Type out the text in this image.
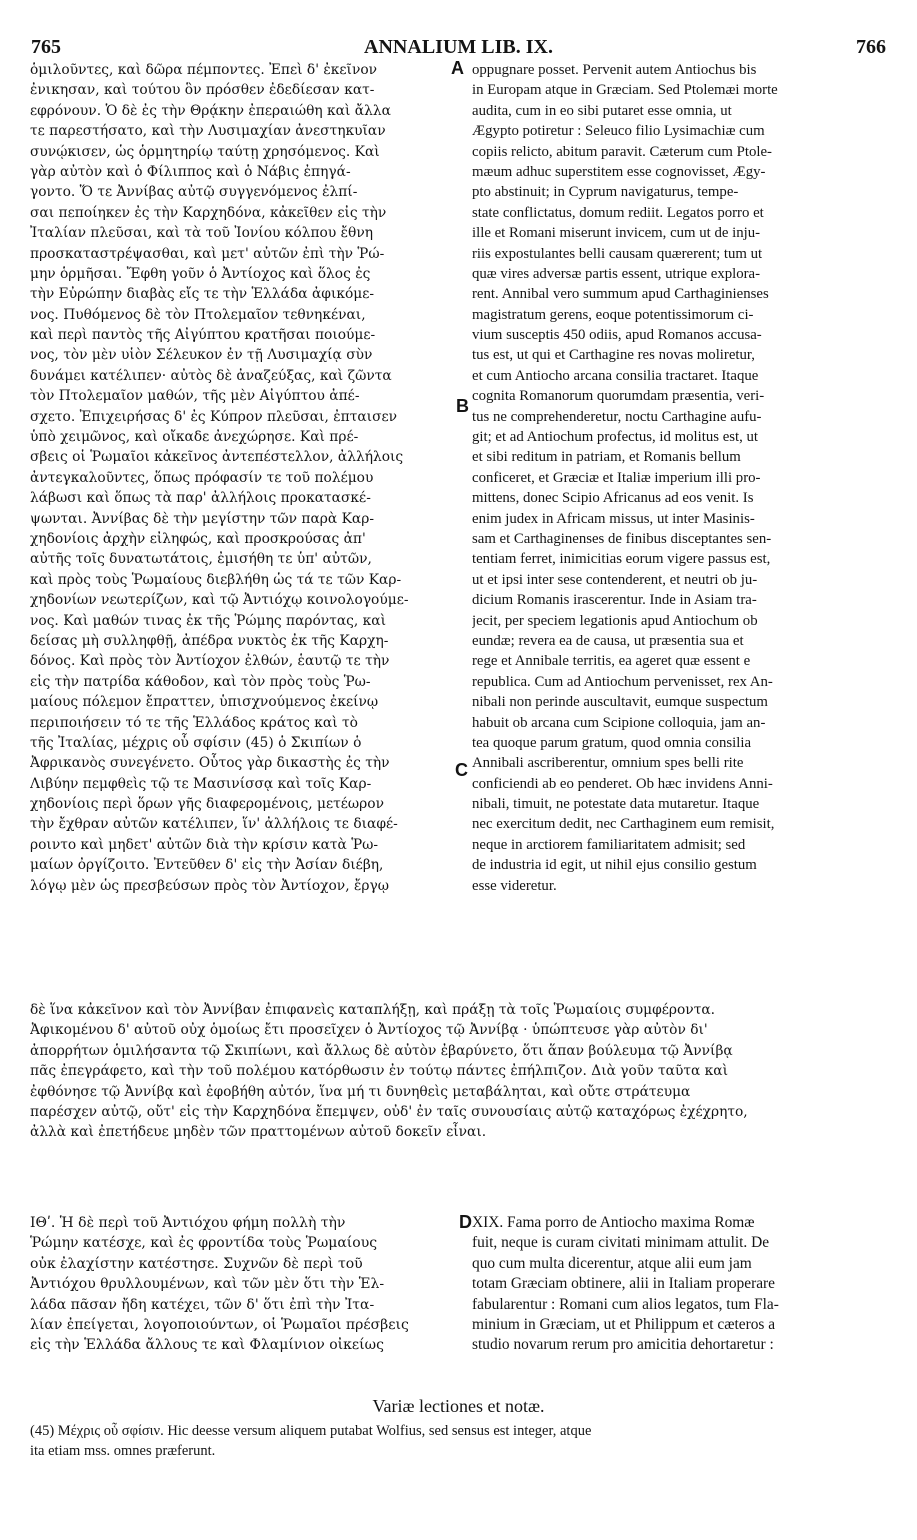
765	ANNALIUM LIB. IX.	766
ὁμιλοῦντες, καὶ δῶρα πέμποντες. Ἐπεὶ δ' ἐκεῖνον
ἐνικησαν, καὶ τούτου ὃν πρόσθεν ἐδεδίεσαν κατ-
εφρόνουν. Ὁ δὲ ἐς τὴν Θρᾴκην ἐπεραιώθη καὶ ἄλλα
τε παρεστήσατο, καὶ τὴν Λυσιμαχίαν ἀνεστηκυῖαν
συνῴκισεν, ὡς ὁρμητηρίῳ ταύτῃ χρησόμενος. Καὶ
γὰρ αὐτὸν καὶ ὁ Φίλιππος καὶ ὁ Νάβις ἐπηγά-
γοντο. Ὅ τε Ἀννίβας αὐτῷ συγγενόμενος ἐλπί-
σαι πεποίηκεν ἐς τὴν Καρχηδόνα, κἀκεῖθεν εἰς τὴν
Ἰταλίαν πλεῦσαι, καὶ τὰ τοῦ Ἰονίου κόλπου ἔθνη
προσκαταστρέψασθαι, καὶ μετ' αὐτῶν ἐπὶ τὴν Ῥώ-
μην ὁρμῆσαι. Ἔφθη γοῦν ὁ Ἀντίοχος καὶ ὅλος ἐς
τὴν Εὐρώπην διαβὰς εἴς τε τὴν Ἑλλάδα ἀφικόμε-
νος. Πυθόμενος δὲ τὸν Πτολεμαῖον τεθνηκέναι,
καὶ περὶ παντὸς τῆς Αἰγύπτου κρατῆσαι ποιούμε-
νος, τὸν μὲν υἱὸν Σέλευκον ἐν τῇ Λυσιμαχίᾳ σὺν
δυνάμει κατέλιπεν· αὐτὸς δὲ ἀναζεύξας, καὶ ζῶντα
τὸν Πτολεμαῖον μαθών, τῆς μὲν Αἰγύπτου ἀπέ-
σχετο. Ἐπιχειρήσας δ' ἐς Κύπρον πλεῦσαι, ἐπταισεν
ὑπὸ χειμῶνος, καὶ οἴκαδε ἀνεχώρησε. Καὶ πρέ-
σβεις οἱ Ῥωμαῖοι κἀκεῖνος ἀντεπέστελλον, ἀλλήλοις
ἀντεγκαλοῦντες, ὅπως πρόφασίν τε τοῦ πολέμου
λάβωσι καὶ ὅπως τὰ παρ' ἀλλήλοις προκατασκέ-
ψωνται. Ἀννίβας δὲ τὴν μεγίστην τῶν παρὰ Καρ-
χηδονίοις ἀρχὴν εἰληφώς, καὶ προσκρούσας ἀπ'
αὐτῆς τοῖς δυνατωτάτοις, ἐμισήθη τε ὑπ' αὐτῶν,
καὶ πρὸς τοὺς Ῥωμαίους διεβλήθη ὡς τά τε τῶν Καρ-
χηδονίων νεωτερίζων, καὶ τῷ Ἀντιόχῳ κοινολογούμε-
νος. Καὶ μαθών τινας ἐκ τῆς Ῥώμης παρόντας, καὶ
δείσας μὴ συλληφθῇ, ἀπέδρα νυκτὸς ἐκ τῆς Καρχη-
δόνος. Καὶ πρὸς τὸν Ἀντίοχον ἐλθών, ἑαυτῷ τε τὴν
εἰς τὴν πατρίδα κάθοδον, καὶ τὸν πρὸς τοὺς Ῥω-
μαίους πόλεμον ἔπραττεν, ὑπισχνούμενος ἐκείνῳ
περιποιήσειν τό τε τῆς Ἑλλάδος κράτος καὶ τὸ
τῆς Ἰταλίας, μέχρις οὗ σφίσιν (45) ὁ Σκιπίων ὁ
Ἀφρικανὸς συνεγένετο. Οὗτος γὰρ δικαστὴς ἐς τὴν
Λιβύην πεμφθεὶς τῷ τε Μασινίσσᾳ καὶ τοῖς Καρ-
χηδονίοις περὶ ὅρων γῆς διαφερομένοις, μετέωρον
τὴν ἔχθραν αὐτῶν κατέλιπεν, ἵν' ἀλλήλοις τε διαφέ-
ροιντο καὶ μηδετ' αὐτῶν διὰ τὴν κρίσιν κατὰ Ῥω-
μαίων ὀργίζοιτο. Ἐντεῦθεν δ' εἰς τὴν Ἀσίαν διέβη,
λόγῳ μὲν ὡς πρεσβεύσων πρὸς τὸν Ἀντίοχον, ἔργῳ
oppugnare posset. Pervenit autem Antiochus bis
in Europam atque in Græciam. Sed Ptolemæi morte
audita, cum in eo sibi putaret esse omnia, ut
Ægypto potiretur : Seleuco filio Lysimachiæ cum
copiis relicto, abitum paravit. Cæterum cum Ptole-
mæum adhuc superstitem esse cognovisset, Ægy-
pto abstinuit; in Cyprum navigaturus, tempe-
state conflictatus, domum rediit. Legatos porro et
ille et Romani miserunt invicem, cum ut de inju-
riis expostulantes belli causam quærerent; tum ut
quæ vires adversæ partis essent, utrique explora-
rent. Annibal vero summum apud Carthaginienses
magistratum gerens, eoque potentissimorum ci-
vium susceptis 450 odiis, apud Romanos accusa-
tus est, ut qui et Carthagine res novas moliretur,
et cum Antiocho arcana consilia tractaret. Itaque
cognita Romanorum quorumdam præsentia, veri-
tus ne comprehenderetur, noctu Carthagine aufu-
git; et ad Antiochum profectus, id molitus est, ut
et sibi reditum in patriam, et Romanis bellum
conficeret, et Græciæ et Italiæ imperium illi pro-
mittens, donec Scipio Africanus ad eos venit. Is
enim judex in Africam missus, ut inter Masinis-
sam et Carthaginenses de finibus disceptantes sen-
tentiam ferret, inimicitias eorum vigere passus est,
ut et ipsi inter sese contenderent, et neutri ob ju-
dicium Romanis irascerentur. Inde in Asiam tra-
jecit, per speciem legationis apud Antiochum ob
eundæ; revera ea de causa, ut præsentia sua et
rege et Annibale territis, ea ageret quæ essent e
republica. Cum ad Antiochum pervenisset, rex An-
nibali non perinde auscultavit, eumque suspectum
habuit ob arcana cum Scipione colloquia, jam an-
tea quoque parum gratum, quod omnia consilia
Annibali ascriberentur, omnium spes belli rite
conficiendi ab eo penderet. Ob hæc invidens Anni-
nibali, timuit, ne potestate data mutaretur. Itaque
nec exercitum dedit, nec Carthaginem eum remisit,
neque in arctiorem familiaritatem admisit; sed
de industria id egit, ut nihil ejus consilio gestum
esse videretur.
A
B
C
D
δὲ ἵνα κἀκεῖνον καὶ τὸν Ἀννίβαν ἐπιφανεὶς καταπλήξῃ, καὶ πράξῃ τὰ τοῖς Ῥωμαίοις συμφέροντα.
Ἀφικομένου δ' αὐτοῦ οὐχ ὁμοίως ἔτι προσεῖχεν ὁ Ἀντίοχος τῷ Ἀννίβᾳ · ὑπώπτευσε γὰρ αὐτὸν δι'
ἀπορρήτων ὁμιλήσαντα τῷ Σκιπίωνι, καὶ ἄλλως δὲ αὐτὸν ἐβαρύνετο, ὅτι ἅπαν βούλευμα τῷ Ἀννίβᾳ
πᾶς ἐπεγράφετο, καὶ τὴν τοῦ πολέμου κατόρθωσιν ἐν τούτῳ πάντες ἐπήλπιζον. Διὰ γοῦν ταῦτα καὶ
ἐφθόνησε τῷ Ἀννίβᾳ καὶ ἐφοβήθη αὐτόν, ἵνα μή τι δυνηθεὶς μεταβάληται, καὶ οὔτε στράτευμα
παρέσχεν αὐτῷ, οὔτ' εἰς τὴν Καρχηδόνα ἔπεμψεν, οὐδ' ἐν ταῖς συνουσίαις αὐτῷ καταχόρως ἐχέχρητο,
ἀλλὰ καὶ ἐπετήδευε μηδὲν τῶν πραττομένων αὐτοῦ δοκεῖν εἶναι.
ΙΘʹ. Ἡ δὲ περὶ τοῦ Ἀντιόχου φήμη πολλὴ τὴν
Ῥώμην κατέσχε, καὶ ἐς φροντίδα τοὺς Ῥωμαίους
οὐκ ἐλαχίστην κατέστησε. Συχνῶν δὲ περὶ τοῦ
Ἀντιόχου θρυλλουμένων, καὶ τῶν μὲν ὅτι τὴν Ἑλ-
λάδα πᾶσαν ἤδη κατέχει, τῶν δ' ὅτι ἐπὶ τὴν Ἰτα-
λίαν ἐπείγεται, λογοποιούντων, οἱ Ῥωμαῖοι πρέσβεις
εἰς τὴν Ἑλλάδα ἄλλους τε καὶ Φλαμίνιον οἰκείως
XIX. Fama porro de Antiocho maxima Romæ
fuit, neque is curam civitati minimam attulit. De
quo cum multa dicerentur, atque alii eum jam
totam Græciam obtinere, alii in Italiam properare
fabularentur : Romani cum alios legatos, tum Fla-
minium in Græciam, ut et Philippum et cæteros a
studio novarum rerum pro amicitia dehortaretur :
Variæ lectiones et notæ.
(45) Μέχρις οὗ σφίσιν. Hic deesse versum aliquem putabat Wolfius, sed sensus est integer, atque
ita etiam mss. omnes præferunt.
